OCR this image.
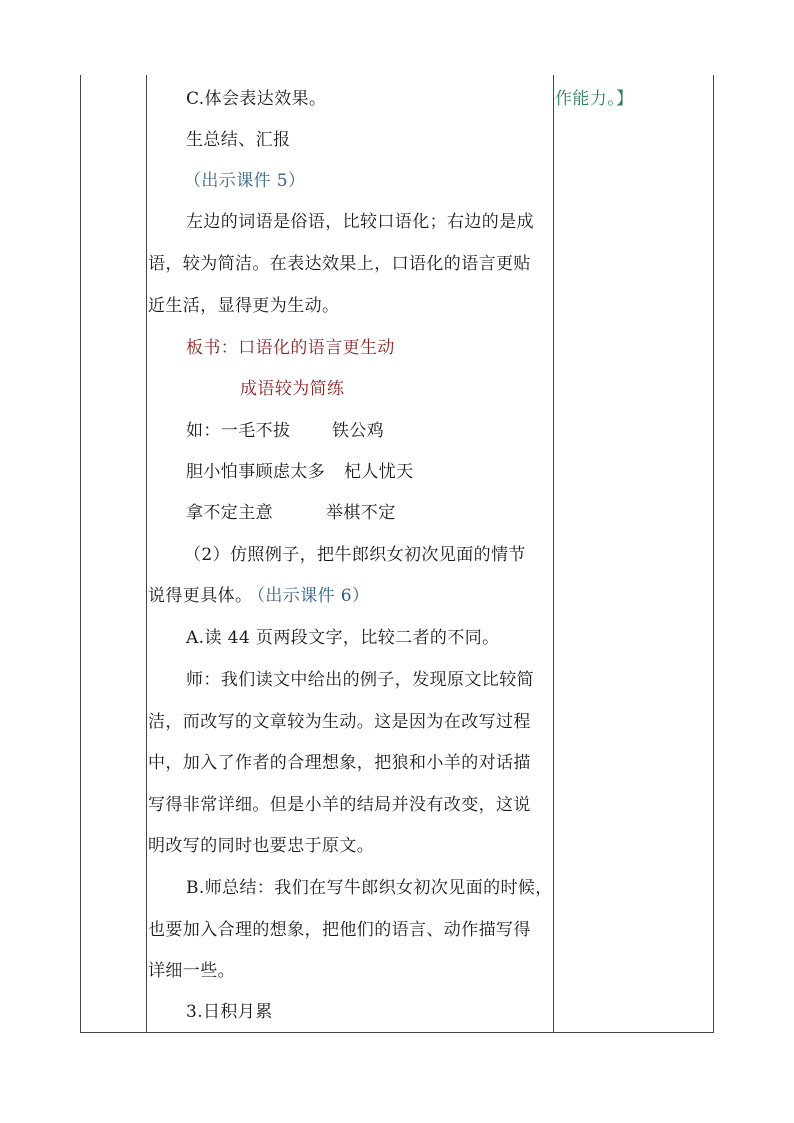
C.体会表达效果。
生总结、汇报
（出示课件 5）
左边的词语是俗语，比较口语化；右边的是成
语，较为简洁。在表达效果上，口语化的语言更贴
近生活，显得更为生动。
板书：口语化的语言更生动
成语较为简练
如：一毛不拔 铁公鸡
胆小怕事顾虑太多 杞人忧天
拿不定主意	举棋不定
（2）仿照例子，把牛郎织女初次见面的情节
说得更具体。
（出示课件 6）
A.读 44 页两段文字，比较二者的不同。
师：我们读文中给出的例子，发现原文比较简
洁，而改写的文章较为生动。这是因为在改写过程
中，加入了作者的合理想象，把狼和小羊的对话描
写得非常详细。但是小羊的结局并没有改变，这说
明改写的同时也要忠于原文。
B.师总结：我们在写牛郎织女初次见面的时候，
也要加入合理的想象，把他们的语言、动作描写得
详细一些。
3.日积月累
作能力。】
